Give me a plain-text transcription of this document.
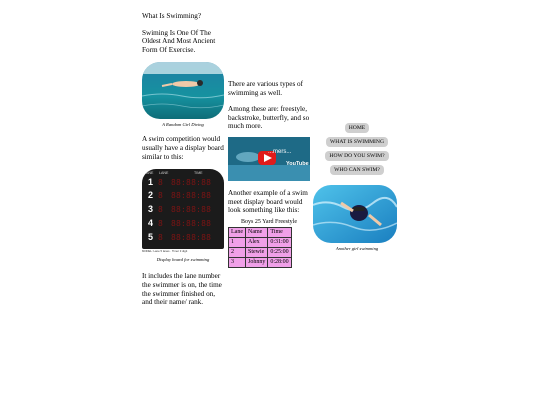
What Is Swimming?

Swiming Is One Of The Oldest And Most Ancient Form Of Exercise.

A Random Girl Diving

A swim competition would usually have a display board similar to this:

LANE LANE	TIME
1 8 88:88:88
2 8 88:88:88
3 8 88:88:88
4 8 88:88:88
5 8 88:88:88
MODEL: Lane 5 lanes · Timer 3 digit
Display board for swimming

It includes the lane number the swimmer is on, the time the swimmer finished on, and their name/ rank.

There are various types of swimming as well.

Among these are: freestyle, backstroke, butterfly, and so much more.

...mers...
YouTube

Another example of a swim meet display board would look something like this:

Boys 25 Yard Freestyle
Lane	Name	Time
1	Alex	0:31:00
2	Stewie	0:25:00
3	Johnny	0:28:00
HOME
WHAT IS SWIMMING
HOW DO YOU SWIM?
WHO CAN SWIM?
Another girl swimming
